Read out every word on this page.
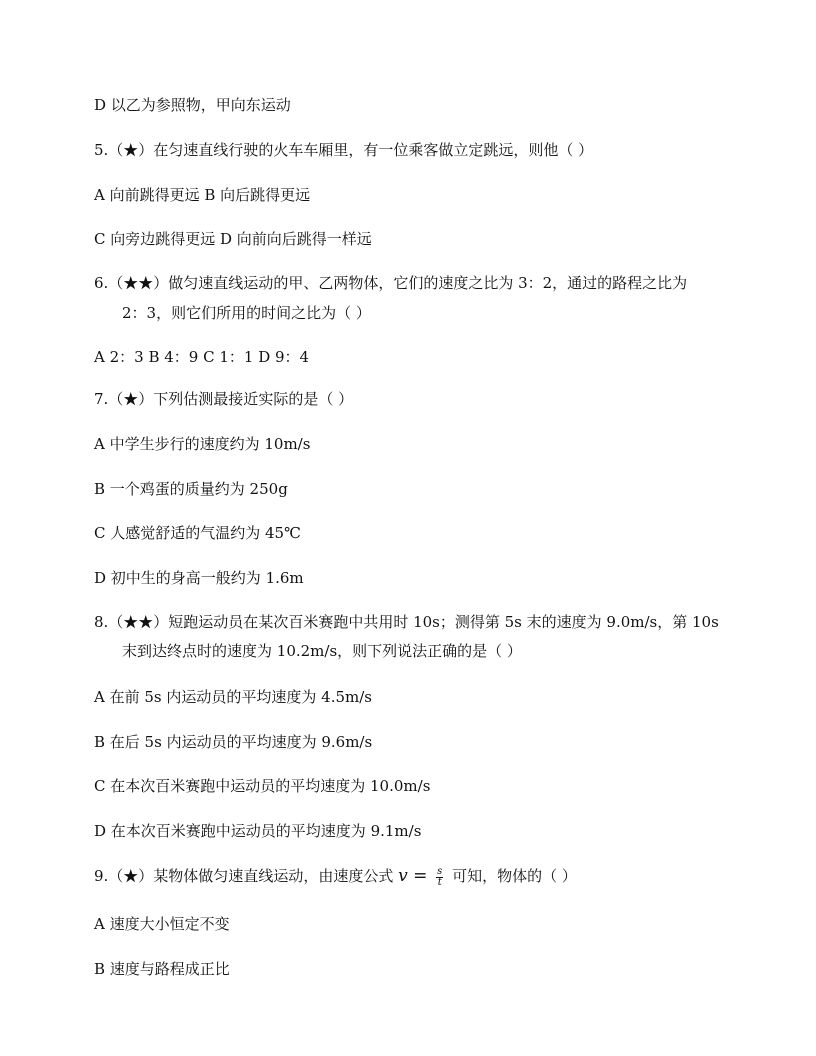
D 以乙为参照物，甲向东运动
5.（★）在匀速直线行驶的火车车厢里，有一位乘客做立定跳远，则他（ ）
A 向前跳得更远 B 向后跳得更远
C 向旁边跳得更远 D 向前向后跳得一样远
6.（★★）做匀速直线运动的甲、乙两物体，它们的速度之比为 3：2，通过的路程之比为
2：3，则它们所用的时间之比为（ ）
A 2：3 B 4：9 C 1：1 D 9：4
7.（★）下列估测最接近实际的是（ ）
A 中学生步行的速度约为 10m/s
B 一个鸡蛋的质量约为 250g
C 人感觉舒适的气温约为 45℃
D 初中生的身高一般约为 1.6m
8.（★★）短跑运动员在某次百米赛跑中共用时 10s；测得第 5s 末的速度为 9.0m/s，第 10s
末到达终点时的速度为 10.2m/s，则下列说法正确的是（ ）
A 在前 5s 内运动员的平均速度为 4.5m/s
B 在后 5s 内运动员的平均速度为 9.6m/s
C 在本次百米赛跑中运动员的平均速度为 10.0m/s
D 在本次百米赛跑中运动员的平均速度为 9.1m/s
9.（★）某物体做匀速直线运动，由速度公式 $v = \frac{s}{t}$ 可知，物体的（ ）
A 速度大小恒定不变
B 速度与路程成正比
